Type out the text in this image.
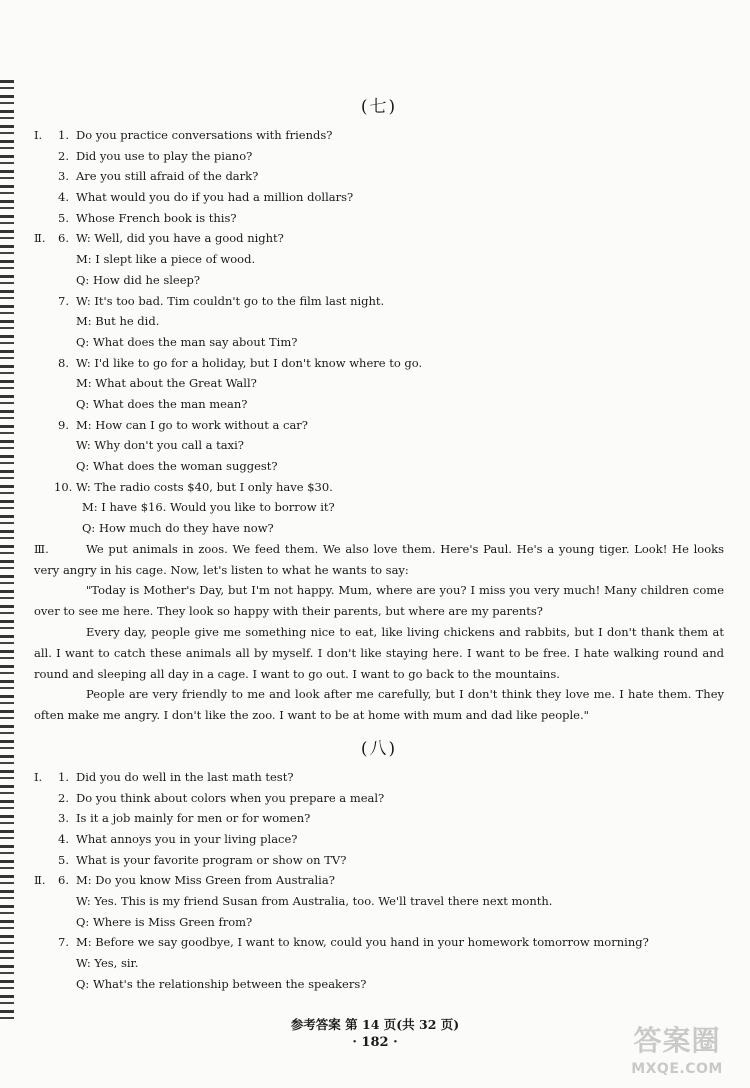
(七)
Ⅰ. 1. Do you practice conversations with friends?
2. Did you use to play the piano?
3. Are you still afraid of the dark?
4. What would you do if you had a million dollars?
5. Whose French book is this?
Ⅱ. 6. W: Well, did you have a good night?
M: I slept like a piece of wood.
Q: How did he sleep?
7. W: It's too bad. Tim couldn't go to the film last night.
M: But he did.
Q: What does the man say about Tim?
8. W: I'd like to go for a holiday, but I don't know where to go.
M: What about the Great Wall?
Q: What does the man mean?
9. M: How can I go to work without a car?
W: Why don't you call a taxi?
Q: What does the woman suggest?
10. W: The radio costs $40, but I only have $30.
M: I have $16. Would you like to borrow it?
Q: How much do they have now?
Ⅲ.	We put animals in zoos. We feed them. We also love them. Here's Paul. He's a young tiger. Look! He looks very angry in his cage. Now, let's listen to what he wants to say:

"Today is Mother's Day, but I'm not happy. Mum, where are you? I miss you very much! Many children come over to see me here. They look so happy with their parents, but where are my parents?

Every day, people give me something nice to eat, like living chickens and rabbits, but I don't thank them at all. I want to catch these animals all by myself. I don't like staying here. I want to be free. I hate walking round and round and sleeping all day in a cage. I want to go out. I want to go back to the mountains.

People are very friendly to me and look after me carefully, but I don't think they love me. I hate them. They often make me angry. I don't like the zoo. I want to be at home with mum and dad like people."

(八)
Ⅰ. 1. Did you do well in the last math test?
2. Do you think about colors when you prepare a meal?
3. Is it a job mainly for men or for women?
4. What annoys you in your living place?
5. What is your favorite program or show on TV?
Ⅱ. 6. M: Do you know Miss Green from Australia?
W: Yes. This is my friend Susan from Australia, too. We'll travel there next month.
Q: Where is Miss Green from?
7. M: Before we say goodbye, I want to know, could you hand in your homework tomorrow morning?
W: Yes, sir.
Q: What's the relationship between the speakers?
参考答案 第 14 页(共 32 页)
· 182 ·	答案圈
MXQE.COM
